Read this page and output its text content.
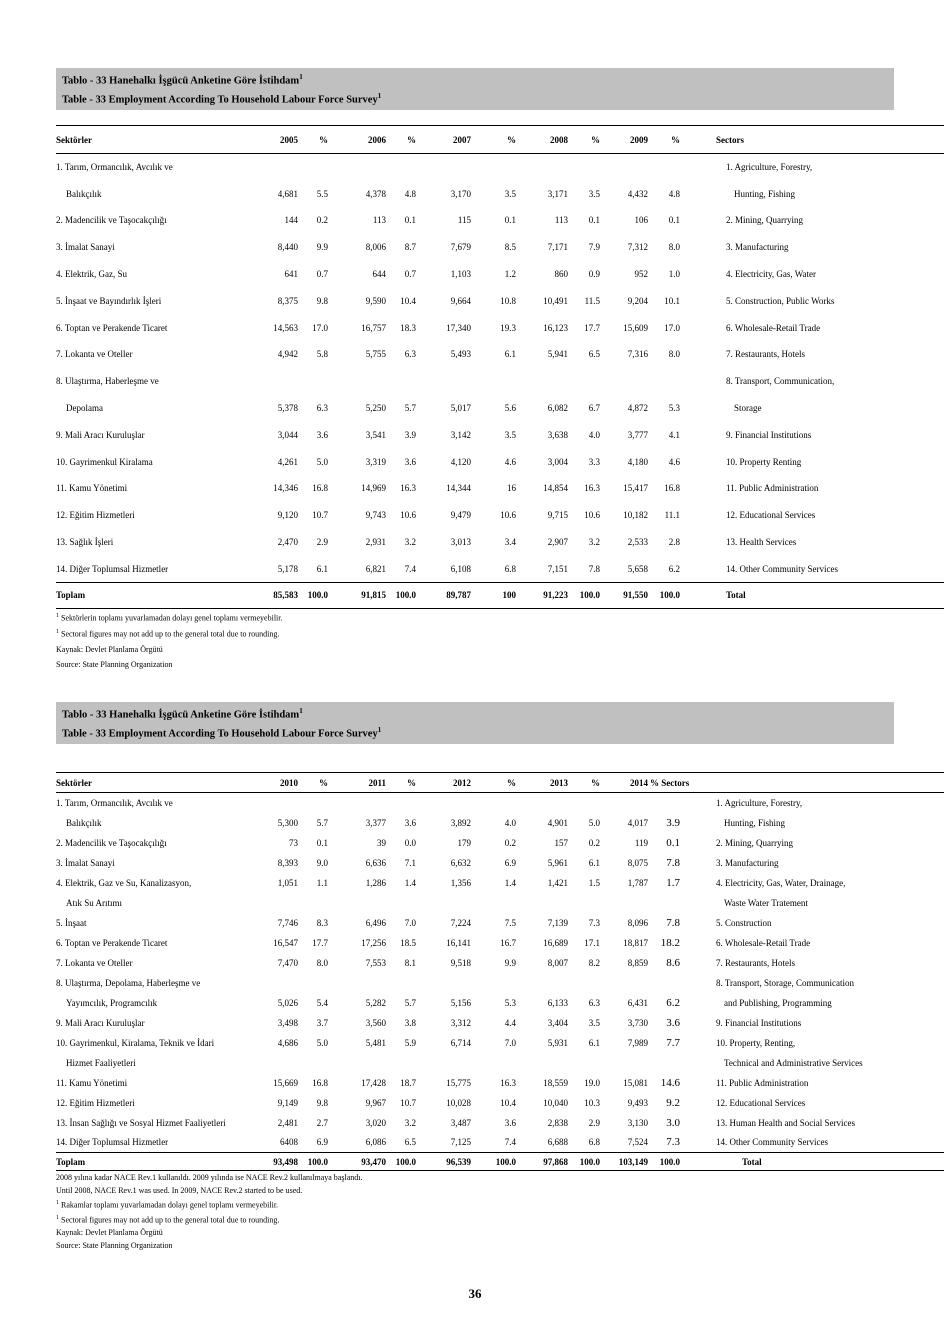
Tablo - 33 Hanehalkı İşgücü Anketine Göre İstihdam$^1$
Table - 33 Employment According To Household Labour Force Survey$^1$
Sektörler	2005	%	2006	%	2007	%	2008	%	2009	%	Sectors
1. Tarım, Ormancılık, Avcılık ve											1. Agriculture, Forestry,
Balıkçılık	4,681	5.5	4,378	4.8	3,170	3.5	3,171	3.5	4,432	4.8	Hunting, Fishing
2. Madencilik ve Taşocakçılığı	144	0.2	113	0.1	115	0.1	113	0.1	106	0.1	2. Mining, Quarrying
3. İmalat Sanayi	8,440	9.9	8,006	8.7	7,679	8.5	7,171	7.9	7,312	8.0	3. Manufacturing
4. Elektrik, Gaz, Su	641	0.7	644	0.7	1,103	1.2	860	0.9	952	1.0	4. Electricity, Gas, Water
5. İnşaat ve Bayındırlık İşleri	8,375	9.8	9,590	10.4	9,664	10.8	10,491	11.5	9,204	10.1	5. Construction, Public Works
6. Toptan ve Perakende Ticaret	14,563	17.0	16,757	18.3	17,340	19.3	16,123	17.7	15,609	17.0	6. Wholesale-Retail Trade
7. Lokanta ve Oteller	4,942	5.8	5,755	6.3	5,493	6.1	5,941	6.5	7,316	8.0	7. Restaurants, Hotels
8. Ulaştırma, Haberleşme ve											8. Transport, Communication,
Depolama	5,378	6.3	5,250	5.7	5,017	5.6	6,082	6.7	4,872	5.3	Storage
9. Mali Aracı Kuruluşlar	3,044	3.6	3,541	3.9	3,142	3.5	3,638	4.0	3,777	4.1	9. Financial Institutions
10. Gayrimenkul Kiralama	4,261	5.0	3,319	3.6	4,120	4.6	3,004	3.3	4,180	4.6	10. Property Renting
11. Kamu Yönetimi	14,346	16.8	14,969	16.3	14,344	16	14,854	16.3	15,417	16.8	11. Public Administration
12. Eğitim Hizmetleri	9,120	10.7	9,743	10.6	9,479	10.6	9,715	10.6	10,182	11.1	12. Educational Services
13. Sağlık İşleri	2,470	2.9	2,931	3.2	3,013	3.4	2,907	3.2	2,533	2.8	13. Health Services
14. Diğer Toplumsal Hizmetler	5,178	6.1	6,821	7.4	6,108	6.8	7,151	7.8	5,658	6.2	14. Other Community Services
Toplam	85,583	100.0	91,815	100.0	89,787	100	91,223	100.0	91,550	100.0	Total
$^1$ Sektörlerin toplamı yuvarlamadan dolayı genel toplamı vermeyebilir.
$^1$ Sectoral figures may not add up to the general total due to rounding.
Kaynak: Devlet Planlama Örgütü
Source: State Planning Organization
Tablo - 33 Hanehalkı İşgücü Anketine Göre İstihdam$^1$
Table - 33 Employment According To Household Labour Force Survey$^1$
Sektörler	2010	%	2011	%	2012	%	2013	%	2014	% Sectors	
1. Tarım, Ormancılık, Avcılık ve											1. Agriculture, Forestry,
Balıkçılık	5,300	5.7	3,377	3.6	3,892	4.0	4,901	5.0	4,017	3.9	Hunting, Fishing
2. Madencilik ve Taşocakçılığı	73	0.1	39	0.0	179	0.2	157	0.2	119	0.1	2. Mining, Quarrying
3. İmalat Sanayi	8,393	9.0	6,636	7.1	6,632	6.9	5,961	6.1	8,075	7.8	3. Manufacturing
4. Elektrik, Gaz ve Su, Kanalizasyon,	1,051	1.1	1,286	1.4	1,356	1.4	1,421	1.5	1,787	1.7	4. Electricity, Gas, Water, Drainage,
Atık Su Arıtımı											Waste Water Tratement
5. İnşaat	7,746	8.3	6,496	7.0	7,224	7.5	7,139	7.3	8,096	7.8	5. Construction
6. Toptan ve Perakende Ticaret	16,547	17.7	17,256	18.5	16,141	16.7	16,689	17.1	18,817	18.2	6. Wholesale-Retail Trade
7. Lokanta ve Oteller	7,470	8.0	7,553	8.1	9,518	9.9	8,007	8.2	8,859	8.6	7. Restaurants, Hotels
8. Ulaştırma, Depolama, Haberleşme ve											8. Transport, Storage, Communication
Yayımcılık, Programcılık	5,026	5.4	5,282	5.7	5,156	5.3	6,133	6.3	6,431	6.2	and Publishing, Programming
9. Mali Aracı Kuruluşlar	3,498	3.7	3,560	3.8	3,312	4.4	3,404	3.5	3,730	3.6	9. Financial Institutions
10. Gayrimenkul, Kiralama, Teknik ve İdari	4,686	5.0	5,481	5.9	6,714	7.0	5,931	6.1	7,989	7.7	10. Property, Renting,
Hizmet Faaliyetleri											Technical and Administrative Services
11. Kamu Yönetimi	15,669	16.8	17,428	18.7	15,775	16.3	18,559	19.0	15,081	14.6	11. Public Administration
12. Eğitim Hizmetleri	9,149	9.8	9,967	10.7	10,028	10.4	10,040	10.3	9,493	9.2	12. Educational Services
13. İnsan Sağlığı ve Sosyal Hizmet Faaliyetleri	2,481	2.7	3,020	3.2	3,487	3.6	2,838	2.9	3,130	3.0	13. Human Health and Social Services
14. Diğer Toplumsal Hizmetler	6408	6.9	6,086	6.5	7,125	7.4	6,688	6.8	7,524	7.3	14. Other Community Services
Toplam	93,498	100.0	93,470	100.0	96,539	100.0	97,868	100.0	103,149	100.0	Total
2008 yılına kadar NACE Rev.1 kullanıldı. 2009 yılında ise NACE Rev.2 kullanılmaya başlandı.
Until 2008, NACE Rev.1 was used. In 2009, NACE Rev.2 started to be used.
$^1$ Rakamlar toplamı yuvarlamadan dolayı genel toplamı vermeyebilir.
$^1$ Sectoral figures may not add up to the general total due to rounding.
Kaynak: Devlet Planlama Örgütü
Source: State Planning Organization
36
